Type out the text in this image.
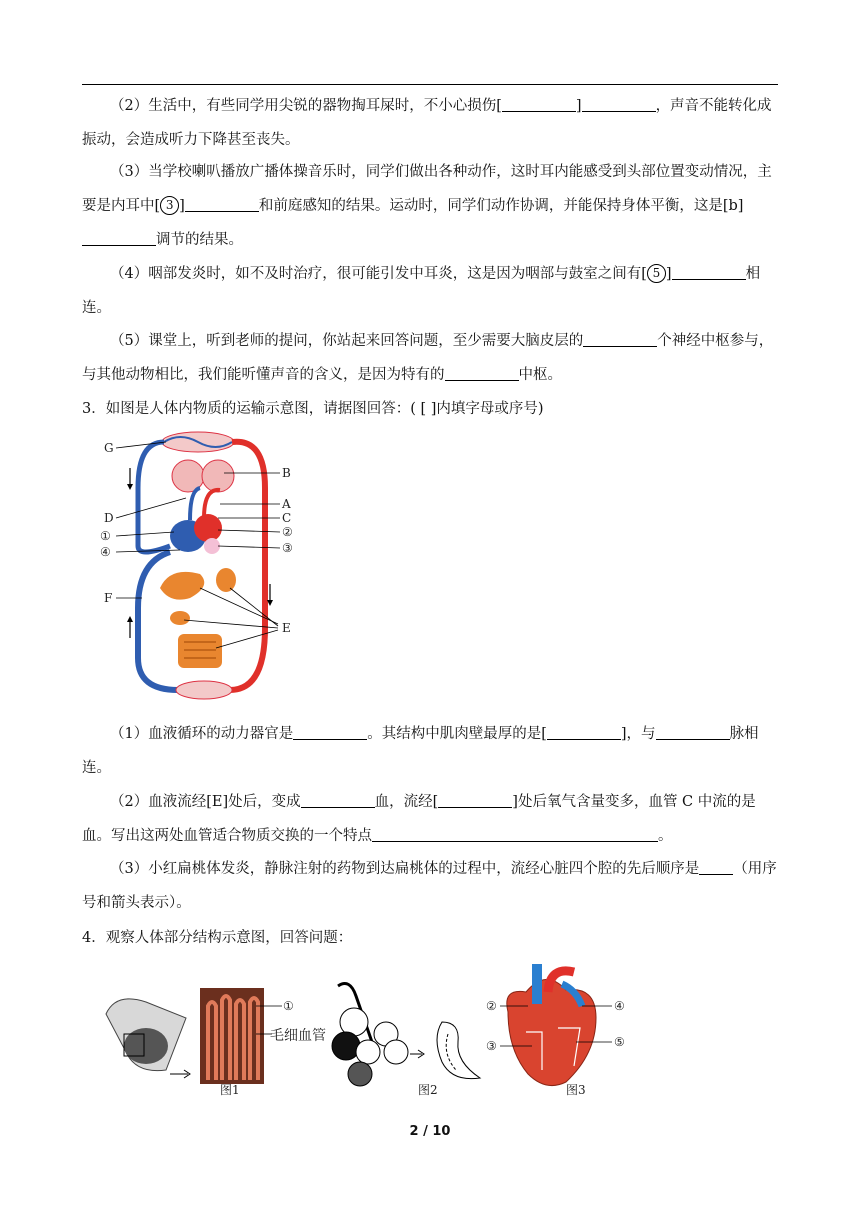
（2）生活中，有些同学用尖锐的器物掏耳屎时，不小心损伤[	]	，声音不能转化成振动，会造成听力下降甚至丧失。
（3）当学校喇叭播放广播体操音乐时，同学们做出各种动作，这时耳内能感受到头部位置变动情况，主要是内耳中[ 3 ]	和前庭感知的结果。运动时，同学们动作协调，并能保持身体平衡，这是[b]调节的结果。
（4）咽部发炎时，如不及时治疗，很可能引发中耳炎，这是因为咽部与鼓室之间有[ 5 ]	相连。
（5）课堂上，听到老师的提问，你站起来回答问题，至少需要大脑皮层的	个神经中枢参与，与其他动物相比，我们能听懂声音的含义，是因为特有的	中枢。
3．如图是人体内物质的运输示意图，请据图回答：( [ ]内填字母或序号)
G
B
A
D	C
①	②
④	③
F
E
（1）血液循环的动力器官是	。其结构中肌肉壁最厚的是[	]，与	脉相连。
（2）血液流经[E]处后，变成	血，流经[	]处后氧气含量变多，血管 C 中流的是血。写出这两处血管适合物质交换的一个特点	。
（3）小红扁桃体发炎，静脉注射的药物到达扁桃体的过程中，流经心脏四个腔的先后顺序是 （用序号和箭头表示）。
4．观察人体部分结构示意图，回答问题：
①
毛细血管
图1	图2
②
③
④
⑤
图3
2 / 10
